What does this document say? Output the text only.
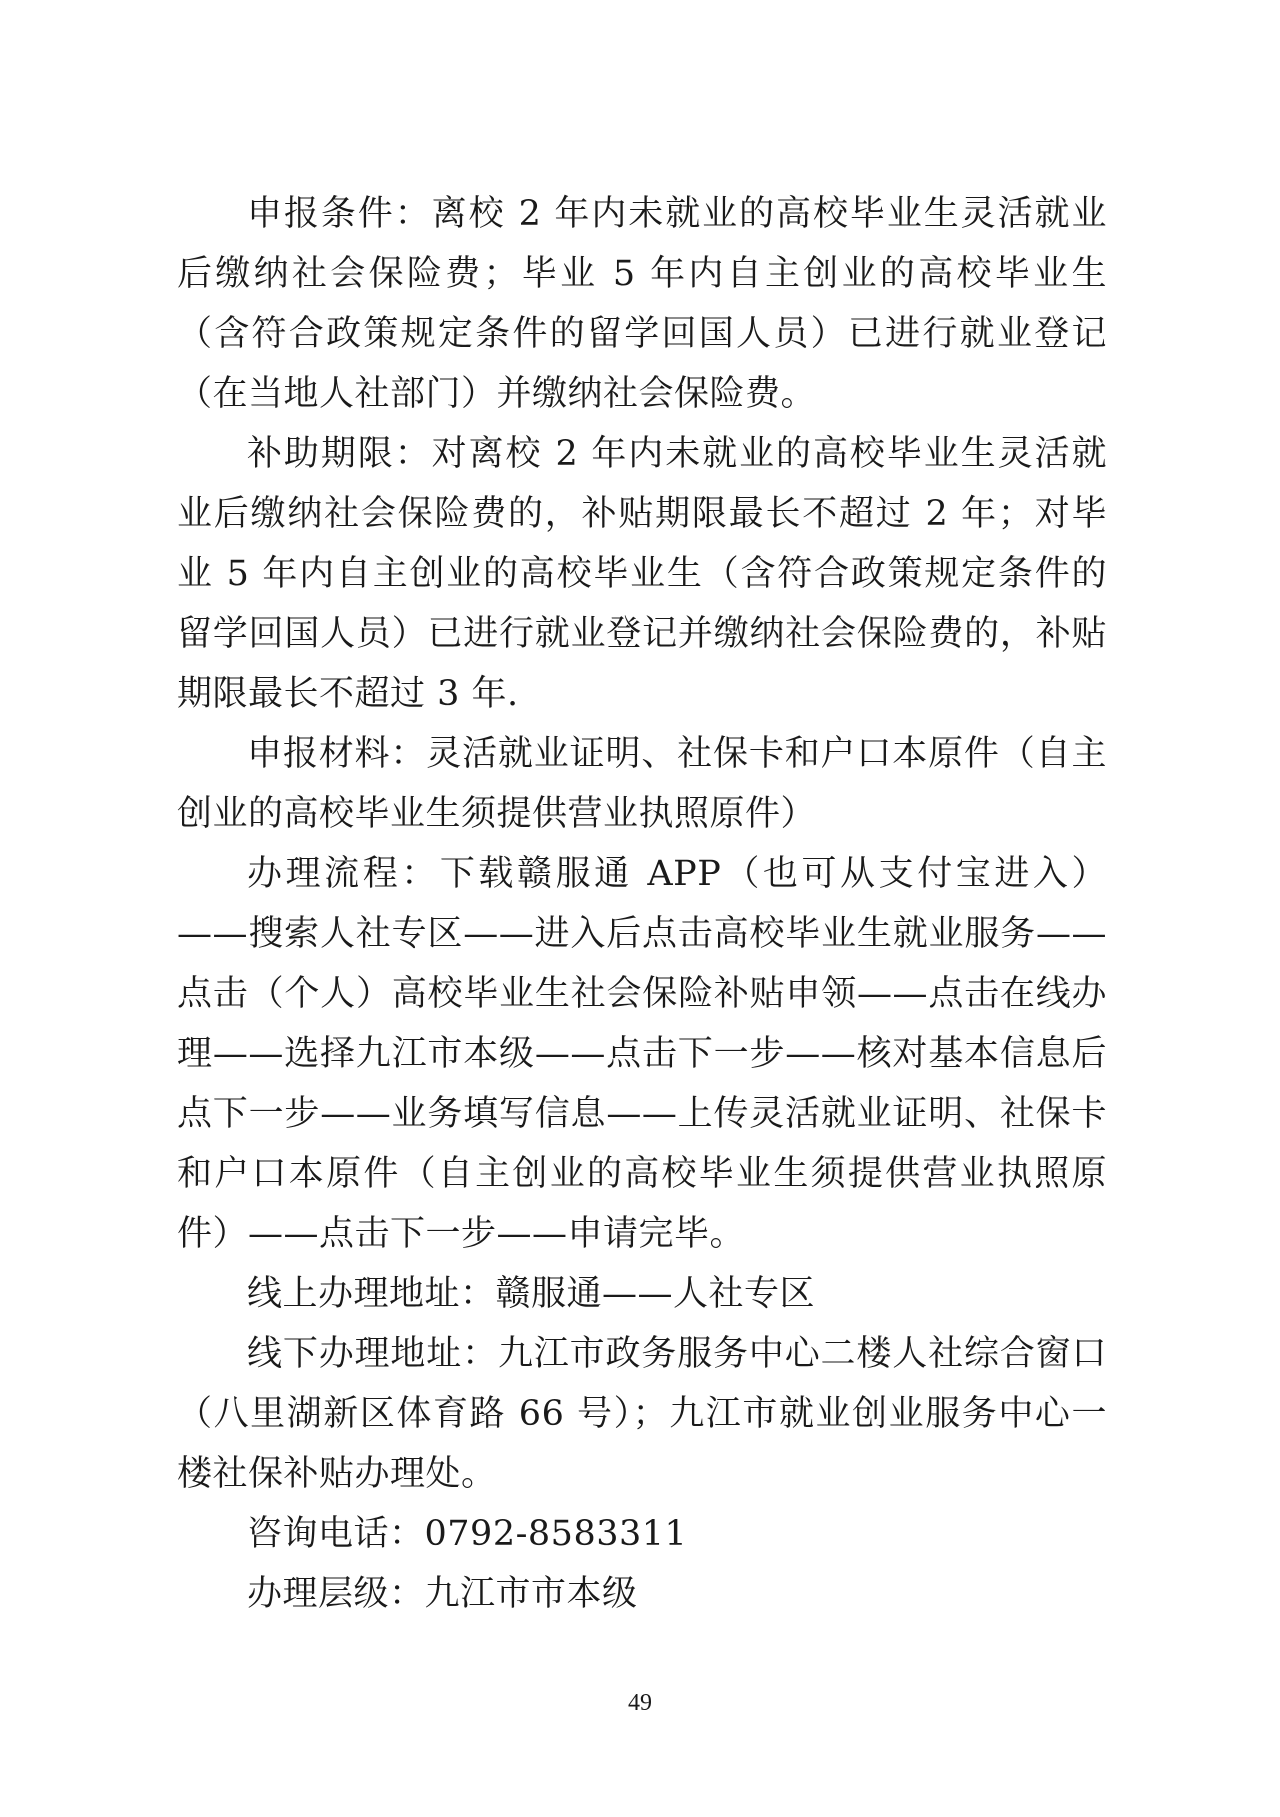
申报条件：离校 2 年内未就业的高校毕业生灵活就业后缴纳社会保险费；毕业 5 年内自主创业的高校毕业生（含符合政策规定条件的留学回国人员）已进行就业登记（在当地人社部门）并缴纳社会保险费。

补助期限：对离校 2 年内未就业的高校毕业生灵活就业后缴纳社会保险费的，补贴期限最长不超过 2 年；对毕业 5 年内自主创业的高校毕业生（含符合政策规定条件的留学回国人员）已进行就业登记并缴纳社会保险费的，补贴期限最长不超过 3 年.

申报材料：灵活就业证明、社保卡和户口本原件（自主创业的高校毕业生须提供营业执照原件）

办理流程：下载赣服通 APP（也可从支付宝进入）——搜索人社专区——进入后点击高校毕业生就业服务——点击（个人）高校毕业生社会保险补贴申领——点击在线办理——选择九江市本级——点击下一步——核对基本信息后点下一步——业务填写信息——上传灵活就业证明、社保卡和户口本原件（自主创业的高校毕业生须提供营业执照原件）——点击下一步——申请完毕。

线上办理地址：赣服通——人社专区

线下办理地址：九江市政务服务中心二楼人社综合窗口（八里湖新区体育路 66 号）；九江市就业创业服务中心一楼社保补贴办理处。

咨询电话：0792-8583311

办理层级：九江市市本级

49
